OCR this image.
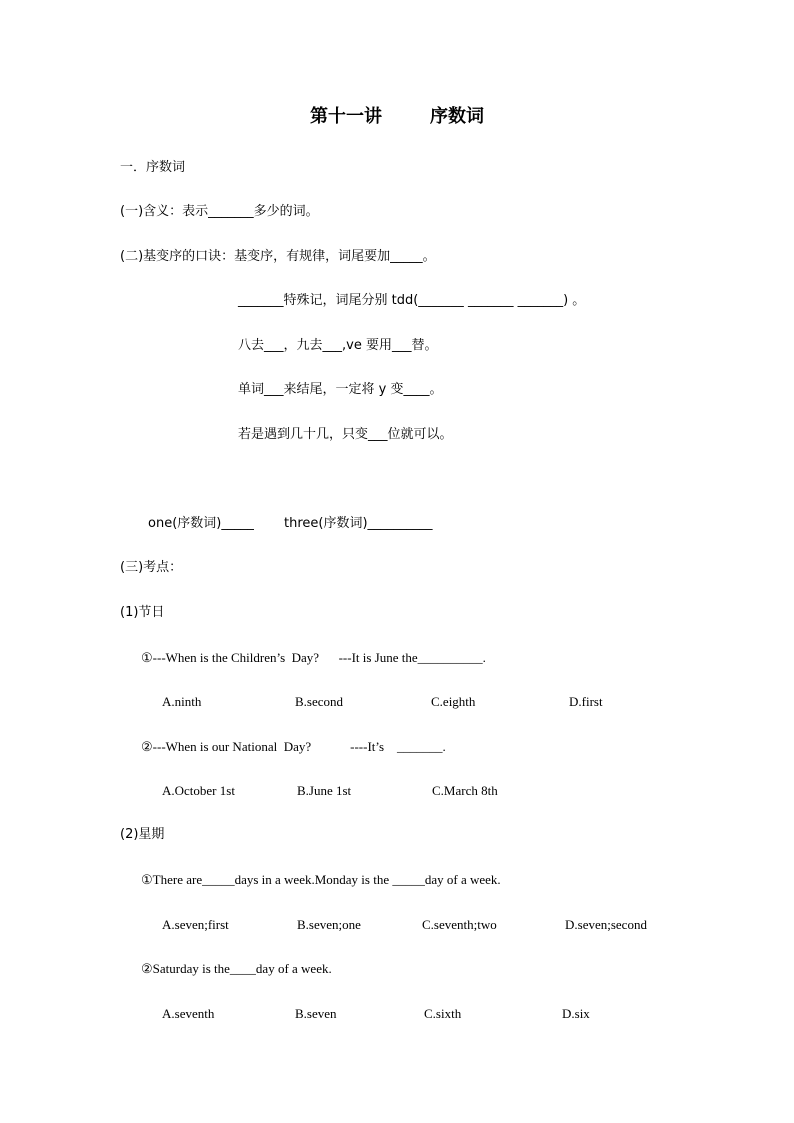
第十一讲	序数词
一．序数词
(一)含义：表示_______多少的词。
(二)基变序的口诀：基变序，有规律，词尾要加_____。
_______特殊记，词尾分别 tdd(_______ _______ _______) 。
八去___，九去___,ve 要用___替。
单词___来结尾，一定将 y 变____。
若是遇到几十几，只变___位就可以。
one(序数词)_____ three(序数词)__________
(三)考点：
(1)节日
①---When is the Children’s  Day?      ---It is June the__________.
A.ninth	B.second	C.eighth	D.first
②---When is our National  Day?            ----It’s    _______.
A.October 1st	B.June 1st	C.March 8th
(2)星期
①There are_____days in a week.Monday is the _____day of a week.
A.seven;first	B.seven;one	C.seventh;two	D.seven;second
②Saturday is the____day of a week.
A.seventh	B.seven	C.sixth	D.six
